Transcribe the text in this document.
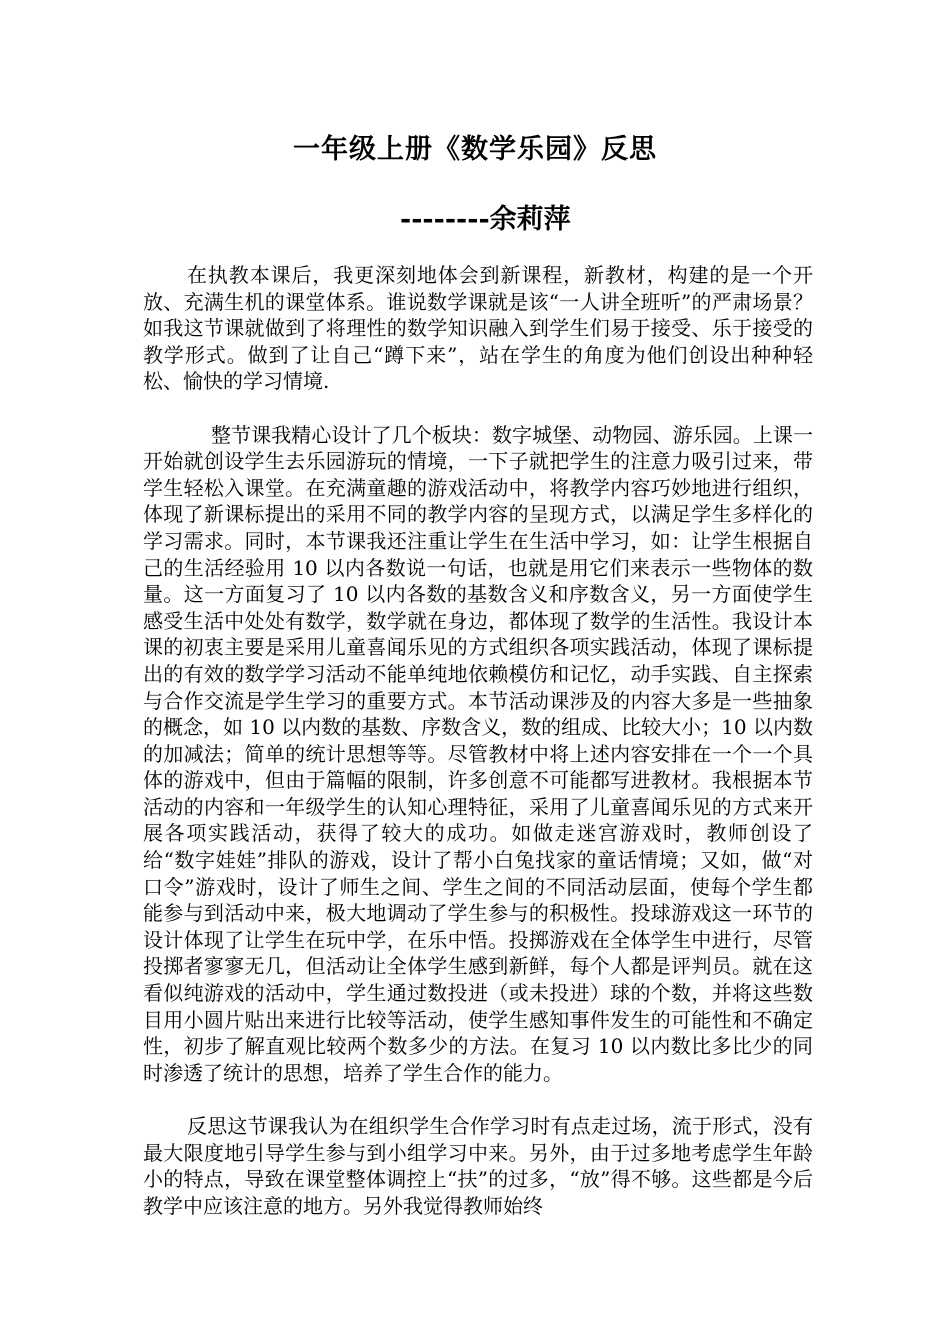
一年级上册《数学乐园》反思
--------余莉萍

在执教本课后，我更深刻地体会到新课程，新教材，构建的是一个开放、充满生机的课堂体系。谁说数学课就是该“一人讲全班听”的严肃场景？如我这节课就做到了将理性的数学知识融入到学生们易于接受、乐于接受的教学形式。做到了让自己“蹲下来”，站在学生的角度为他们创设出种种轻松、愉快的学习情境.

整节课我精心设计了几个板块：数字城堡、动物园、游乐园。上课一开始就创设学生去乐园游玩的情境，一下子就把学生的注意力吸引过来，带学生轻松入课堂。在充满童趣的游戏活动中，将教学内容巧妙地进行组织，体现了新课标提出的采用不同的教学内容的呈现方式，以满足学生多样化的学习需求。同时，本节课我还注重让学生在生活中学习，如：让学生根据自己的生活经验用 10 以内各数说一句话，也就是用它们来表示一些物体的数量。这一方面复习了 10 以内各数的基数含义和序数含义，另一方面使学生感受生活中处处有数学，数学就在身边，都体现了数学的生活性。我设计本课的初衷主要是采用儿童喜闻乐见的方式组织各项实践活动，体现了课标提出的有效的数学学习活动不能单纯地依赖模仿和记忆，动手实践、自主探索与合作交流是学生学习的重要方式。本节活动课涉及的内容大多是一些抽象的概念，如 10 以内数的基数、序数含义，数的组成、比较大小；10 以内数的加减法；简单的统计思想等等。尽管教材中将上述内容安排在一个一个具体的游戏中，但由于篇幅的限制，许多创意不可能都写进教材。我根据本节活动的内容和一年级学生的认知心理特征，采用了儿童喜闻乐见的方式来开展各项实践活动，获得了较大的成功。如做走迷宫游戏时，教师创设了给“数字娃娃”排队的游戏，设计了帮小白兔找家的童话情境；又如，做“对口令”游戏时，设计了师生之间、学生之间的不同活动层面，使每个学生都能参与到活动中来，极大地调动了学生参与的积极性。投球游戏这一环节的设计体现了让学生在玩中学，在乐中悟。投掷游戏在全体学生中进行，尽管投掷者寥寥无几，但活动让全体学生感到新鲜，每个人都是评判员。就在这看似纯游戏的活动中，学生通过数投进（或未投进）球的个数，并将这些数目用小圆片贴出来进行比较等活动，使学生感知事件发生的可能性和不确定性，初步了解直观比较两个数多少的方法。在复习 10 以内数比多比少的同时渗透了统计的思想，培养了学生合作的能力。

反思这节课我认为在组织学生合作学习时有点走过场，流于形式，没有最大限度地引导学生参与到小组学习中来。另外，由于过多地考虑学生年龄小的特点，导致在课堂整体调控上“扶”的过多，“放”得不够。这些都是今后教学中应该注意的地方。另外我觉得教师始终
